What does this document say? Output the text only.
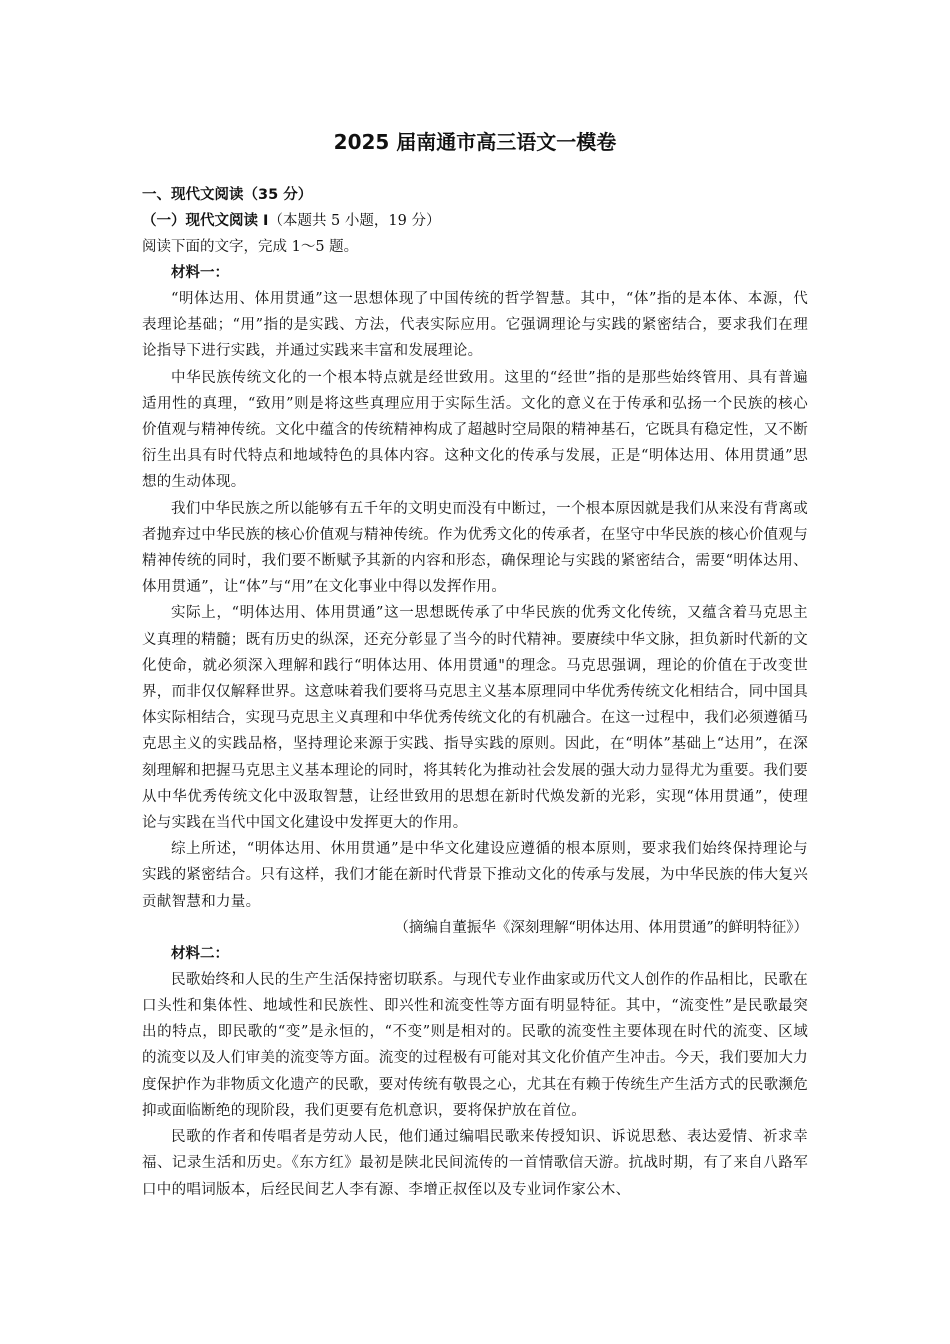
2025 届南通市高三语文一模卷

一、现代文阅读（35 分）

（一）现代文阅读 I（本题共 5 小题，19 分）

阅读下面的文字，完成 1～5 题。

材料一：

“明体达用、体用贯通”这一思想体现了中国传统的哲学智慧。其中，“体”指的是本体、本源，代表理论基础；“用”指的是实践、方法，代表实际应用。它强调理论与实践的紧密结合，要求我们在理论指导下进行实践，并通过实践来丰富和发展理论。

中华民族传统文化的一个根本特点就是经世致用。这里的“经世”指的是那些始终管用、具有普遍适用性的真理，“致用”则是将这些真理应用于实际生活。文化的意义在于传承和弘扬一个民族的核心价值观与精神传统。文化中蕴含的传统精神构成了超越时空局限的精神基石，它既具有稳定性，又不断衍生出具有时代特点和地域特色的具体内容。这种文化的传承与发展，正是“明体达用、体用贯通”思想的生动体现。

我们中华民族之所以能够有五千年的文明史而没有中断过，一个根本原因就是我们从来没有背离或者抛弃过中华民族的核心价值观与精神传统。作为优秀文化的传承者，在坚守中华民族的核心价值观与精神传统的同时，我们要不断赋予其新的内容和形态，确保理论与实践的紧密结合，需要“明体达用、体用贯通”，让“体”与“用”在文化事业中得以发挥作用。

实际上，“明体达用、体用贯通”这一思想既传承了中华民族的优秀文化传统，又蕴含着马克思主义真理的精髓；既有历史的纵深，还充分彰显了当今的时代精神。要赓续中华文脉，担负新时代新的文化使命，就必须深入理解和践行“明体达用、体用贯通"的理念。马克思强调，理论的价值在于改变世界，而非仅仅解释世界。这意味着我们要将马克思主义基本原理同中华优秀传统文化相结合，同中国具体实际相结合，实现马克思主义真理和中华优秀传统文化的有机融合。在这一过程中，我们必须遵循马克思主义的实践品格，坚持理论来源于实践、指导实践的原则。因此，在“明体”基础上“达用”，在深刻理解和把握马克思主义基本理论的同时，将其转化为推动社会发展的强大动力显得尤为重要。我们要从中华优秀传统文化中汲取智慧，让经世致用的思想在新时代焕发新的光彩，实现“体用贯通”，使理论与实践在当代中国文化建设中发挥更大的作用。

综上所述，“明体达用、休用贯通”是中华文化建设应遵循的根本原则，要求我们始终保持理论与实践的紧密结合。只有这样，我们才能在新时代背景下推动文化的传承与发展，为中华民族的伟大复兴贡献智慧和力量。

（摘编自董振华《深刻理解“明体达用、体用贯通”的鲜明特征》）

材料二：

民歌始终和人民的生产生活保持密切联系。与现代专业作曲家或历代文人创作的作品相比，民歌在口头性和集体性、地域性和民族性、即兴性和流变性等方面有明显特征。其中，“流变性”是民歌最突出的特点，即民歌的“变”是永恒的，“不变”则是相对的。民歌的流变性主要体现在时代的流变、区域的流变以及人们审美的流变等方面。流变的过程极有可能对其文化价值产生冲击。今天，我们要加大力度保护作为非物质文化遗产的民歌，要对传统有敬畏之心，尤其在有赖于传统生产生活方式的民歌濒危抑或面临断绝的现阶段，我们更要有危机意识，要将保护放在首位。

民歌的作者和传唱者是劳动人民，他们通过编唱民歌来传授知识、诉说思愁、表达爱情、祈求幸福、记录生活和历史。《东方红》最初是陕北民间流传的一首情歌信天游。抗战时期，有了来自八路军口中的唱词版本，后经民间艺人李有源、李增正叔侄以及专业词作家公木、
